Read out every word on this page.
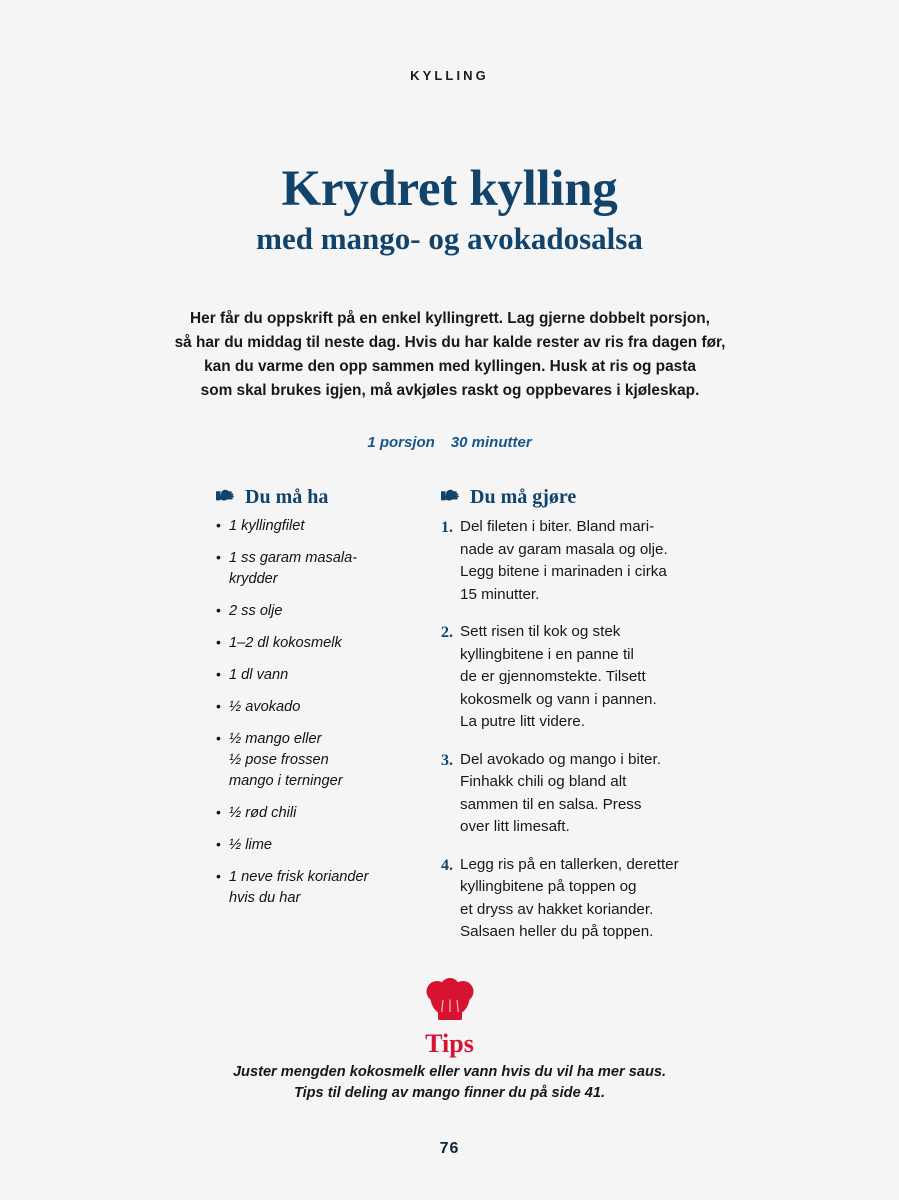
KYLLING
Krydret kylling
med mango- og avokadosalsa
Her får du oppskrift på en enkel kyllingrett. Lag gjerne dobbelt porsjon,
så har du middag til neste dag. Hvis du har kalde rester av ris fra dagen før,
kan du varme den opp sammen med kyllingen. Husk at ris og pasta
som skal brukes igjen, må avkjøles raskt og oppbevares i kjøleskap.
1 porsjon 30 minutter
Du må ha
• 1 kyllingfilet
• 1 ss garam masala-
krydder
• 2 ss olje
• 1–2 dl kokosmelk
• 1 dl vann
• ½ avokado
• ½ mango eller
½ pose frossen
mango i terninger
• ½ rød chili
• ½ lime
• 1 neve frisk koriander
hvis du har
Du må gjøre
1. Del fileten i biter. Bland mari-
nade av garam masala og olje.
Legg bitene i marinaden i cirka
15 minutter.
2. Sett risen til kok og stek
kyllingbitene i en panne til
de er gjennomstekte. Tilsett
kokosmelk og vann i pannen.
La putre litt videre.
3. Del avokado og mango i biter.
Finhakk chili og bland alt
sammen til en salsa. Press
over litt limesaft.
4. Legg ris på en tallerken, deretter
kyllingbitene på toppen og
et dryss av hakket koriander.
Salsaen heller du på toppen.
Tips
Juster mengden kokosmelk eller vann hvis du vil ha mer saus.
Tips til deling av mango finner du på side 41.
76
